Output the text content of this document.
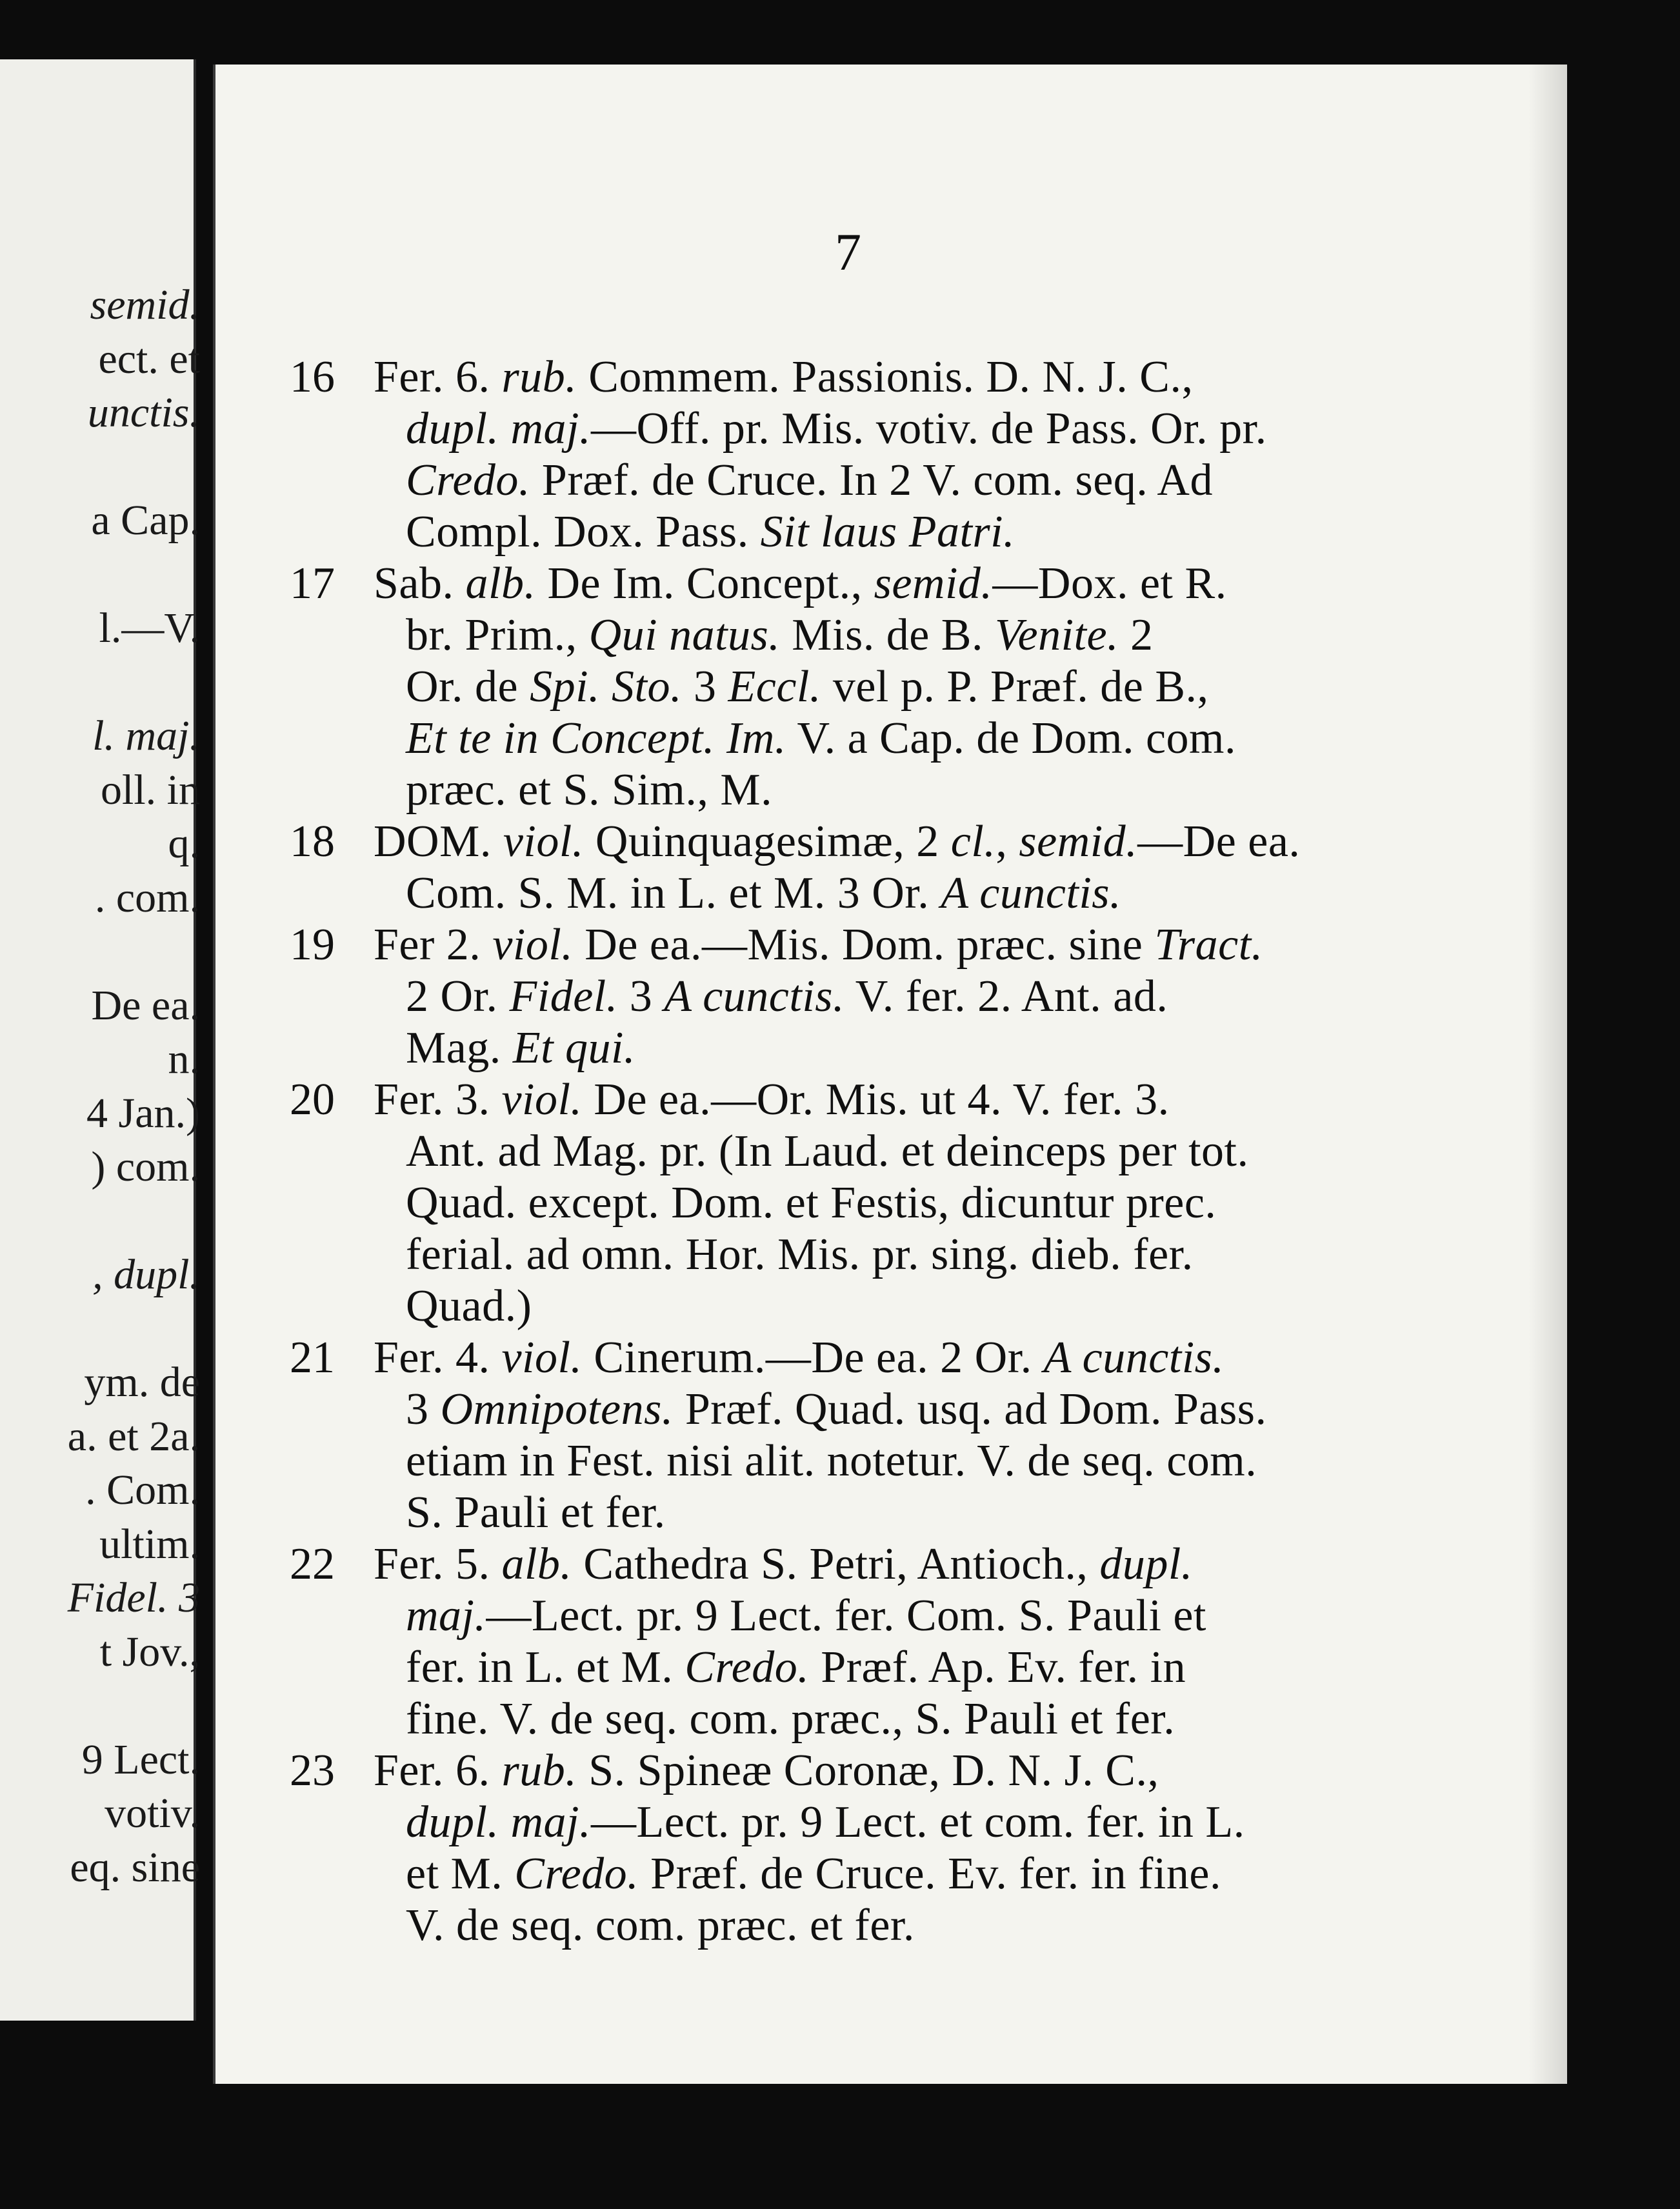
semid.
ect. et
unctis.
a Cap.
l.—V.
l. maj.
oll. in
q.
. com.
De ea.
n.
4 Jan.)
) com.
, dupl.
ym. de
a. et 2a.
. Com.
ultim.
Fidel. 3
t Jov.,
9 Lect.
votiv.
eq. sine
7
16 Fer. 6. rub. Commem. Passionis. D. N. J. C.,
dupl. maj.—Off. pr. Mis. votiv. de Pass. Or. pr.
Credo. Præf. de Cruce. In 2 V. com. seq. Ad
Compl. Dox. Pass. Sit laus Patri.
17 Sab. alb. De Im. Concept., semid.—Dox. et R.
br. Prim., Qui natus. Mis. de B. Venite. 2
Or. de Spi. Sto. 3 Eccl. vel p. P. Præf. de B.,
Et te in Concept. Im. V. a Cap. de Dom. com.
præc. et S. Sim., M.
18 DOM. viol. Quinquagesimæ, 2 cl., semid.—De ea.
Com. S. M. in L. et M. 3 Or. A cunctis.
19 Fer 2. viol. De ea.—Mis. Dom. præc. sine Tract.
2 Or. Fidel. 3 A cunctis. V. fer. 2. Ant. ad.
Mag. Et qui.
20 Fer. 3. viol. De ea.—Or. Mis. ut 4. V. fer. 3.
Ant. ad Mag. pr. (In Laud. et deinceps per tot.
Quad. except. Dom. et Festis, dicuntur prec.
ferial. ad omn. Hor. Mis. pr. sing. dieb. fer.
Quad.)
21 Fer. 4. viol. Cinerum.—De ea. 2 Or. A cunctis.
3 Omnipotens. Præf. Quad. usq. ad Dom. Pass.
etiam in Fest. nisi alit. notetur. V. de seq. com.
S. Pauli et fer.
22 Fer. 5. alb. Cathedra S. Petri, Antioch., dupl.
maj.—Lect. pr. 9 Lect. fer. Com. S. Pauli et
fer. in L. et M. Credo. Præf. Ap. Ev. fer. in
fine. V. de seq. com. præc., S. Pauli et fer.
23 Fer. 6. rub. S. Spineæ Coronæ, D. N. J. C.,
dupl. maj.—Lect. pr. 9 Lect. et com. fer. in L.
et M. Credo. Præf. de Cruce. Ev. fer. in fine.
V. de seq. com. præc. et fer.
